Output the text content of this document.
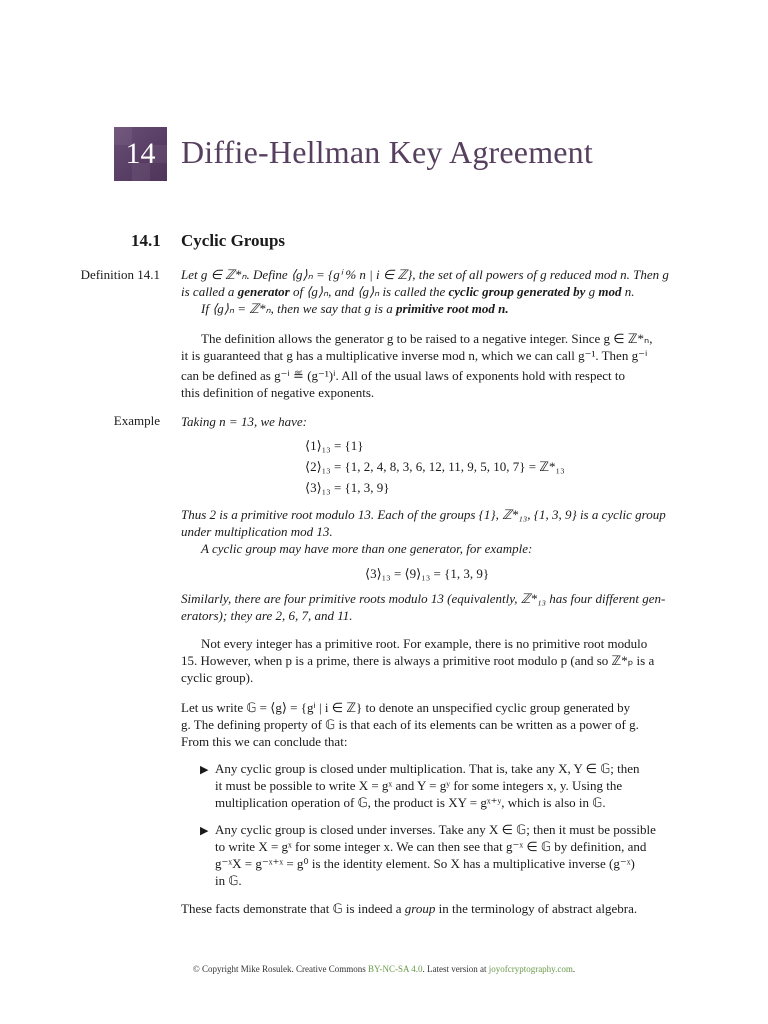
14 Diffie-Hellman Key Agreement
14.1 Cyclic Groups
Definition 14.1 Let g ∈ ℤ*ₙ. Define ⟨g⟩ₙ = {gⁱ % n | i ∈ ℤ}, the set of all powers of g reduced mod n. Then g
is called a generator of ⟨g⟩ₙ, and ⟨g⟩ₙ is called the cyclic group generated by g mod n.
If ⟨g⟩ₙ = ℤ*ₙ, then we say that g is a primitive root mod n.
The definition allows the generator g to be raised to a negative integer. Since g ∈ ℤ*ₙ,
it is guaranteed that g has a multiplicative inverse mod n, which we can call g⁻¹. Then g⁻ⁱ
can be defined as g⁻ⁱ ≝ (g⁻¹)ⁱ. All of the usual laws of exponents hold with respect to
this definition of negative exponents.
Example Taking n = 13, we have:
⟨1⟩₁₃ = {1}
⟨2⟩₁₃ = {1, 2, 4, 8, 3, 6, 12, 11, 9, 5, 10, 7} = ℤ*₁₃
⟨3⟩₁₃ = {1, 3, 9}
Thus 2 is a primitive root modulo 13. Each of the groups {1}, ℤ*₁₃, {1, 3, 9} is a cyclic group
under multiplication mod 13.
A cyclic group may have more than one generator, for example:
⟨3⟩₁₃ = ⟨9⟩₁₃ = {1, 3, 9}
Similarly, there are four primitive roots modulo 13 (equivalently, ℤ*₁₃ has four different gen-
erators); they are 2, 6, 7, and 11.
Not every integer has a primitive root. For example, there is no primitive root modulo
15. However, when p is a prime, there is always a primitive root modulo p (and so ℤ*ₚ is a
cyclic group).
Let us write 𝔾 = ⟨g⟩ = {gⁱ | i ∈ ℤ} to denote an unspecified cyclic group generated by
g. The defining property of 𝔾 is that each of its elements can be written as a power of g.
From this we can conclude that:
▶ Any cyclic group is closed under multiplication. That is, take any X, Y ∈ 𝔾; then
it must be possible to write X = gˣ and Y = gʸ for some integers x, y. Using the
multiplication operation of 𝔾, the product is XY = gˣ⁺ʸ, which is also in 𝔾.
▶ Any cyclic group is closed under inverses. Take any X ∈ 𝔾; then it must be possible
to write X = gˣ for some integer x. We can then see that g⁻ˣ ∈ 𝔾 by definition, and
g⁻ˣX = g⁻ˣ⁺ˣ = g⁰ is the identity element. So X has a multiplicative inverse (g⁻ˣ)
in 𝔾.
These facts demonstrate that 𝔾 is indeed a group in the terminology of abstract algebra.
© Copyright Mike Rosulek. Creative Commons BY-NC-SA 4.0. Latest version at joyofcryptography.com.
